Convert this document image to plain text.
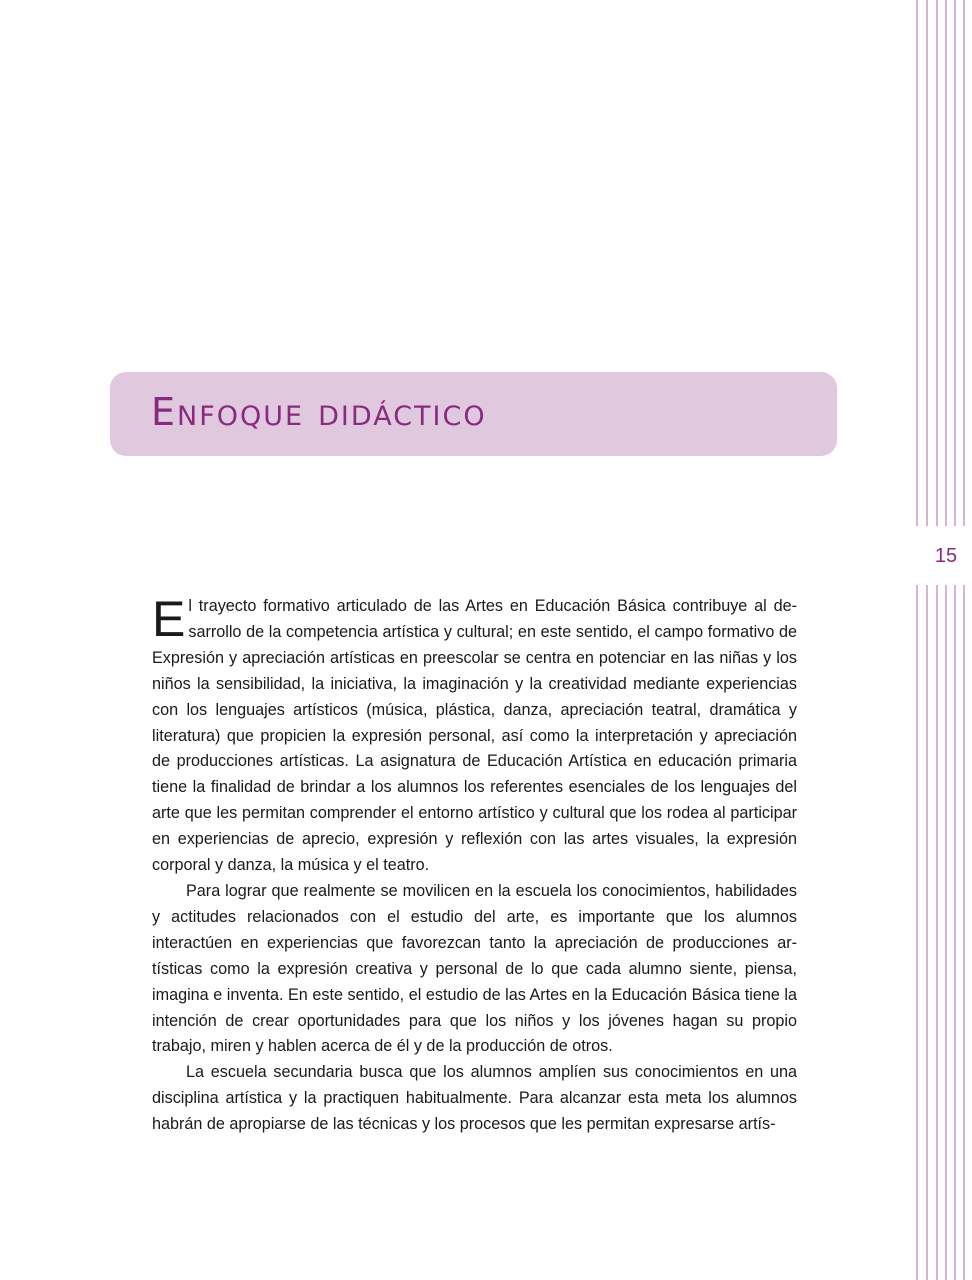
15
Enfoque didáctico

El trayecto formativo articulado de las Artes en Educación Básica contribuye al desarrollo de la competencia artística y cultural; en este sentido, el campo formativo de Expresión y apreciación artísticas en preescolar se centra en potenciar en las niñas y los niños la sensibilidad, la iniciativa, la imaginación y la creatividad mediante experiencias con los lenguajes artísticos (música, plástica, danza, apreciación teatral, dramática y literatura) que propicien la expresión personal, así como la interpretación y apreciación de producciones artísticas. La asignatura de Educación Artística en educación primaria tiene la finalidad de brindar a los alumnos los referentes esenciales de los lenguajes del arte que les permitan comprender el entorno artístico y cultural que los rodea al participar en experiencias de aprecio, expresión y reflexión con las artes visuales, la expresión corporal y danza, la música y el teatro.

Para lograr que realmente se movilicen en la escuela los conocimientos, habilidades y actitudes relacionados con el estudio del arte, es importante que los alumnos interactúen en experiencias que favorezcan tanto la apreciación de producciones artísticas como la expresión creativa y personal de lo que cada alumno siente, piensa, imagina e inventa. En este sentido, el estudio de las Artes en la Educación Básica tiene la intención de crear oportunidades para que los niños y los jóvenes hagan su propio trabajo, miren y hablen acerca de él y de la producción de otros.

La escuela secundaria busca que los alumnos amplíen sus conocimientos en una disciplina artística y la practiquen habitualmente. Para alcanzar esta meta los alumnos habrán de apropiarse de las técnicas y los procesos que les permitan expresarse artís-
